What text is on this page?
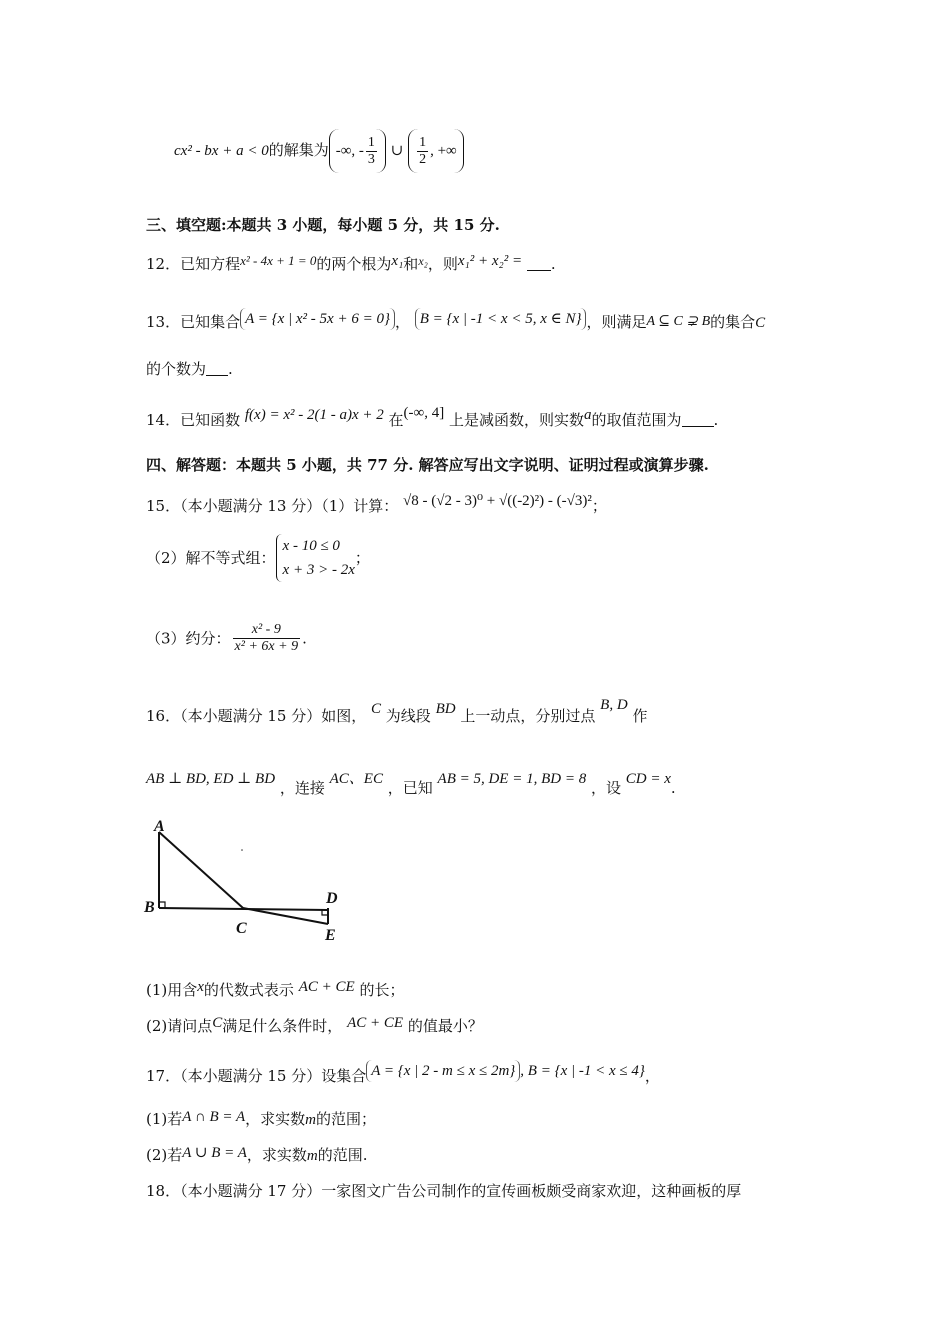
cx² - bx + a < 0的解集为 -∞, - $\frac{1}{3}$ ∪ $\frac{1}{2}$ , +∞
三、填空题:本题共 3 小题，每小题 5 分，共 15 分.
12．已知方程x² - 4x + 1 = 0的两个根为x₁和$^{x_2}$，则x₁² + x₂² = .
13．已知集合 A = {x | x² - 5x + 6 = 0} ， B = {x | -1 < x < 5, x ∈ N} ，则满足A ⊆ C ⊋ B的集合C
的个数为 .
14．已知函数 f(x) = x² - 2(1 - a)x + 2 在(-∞, 4] 上是减函数，则实数a的取值范围为 .
四、解答题：本题共 5 小题，共 77 分. 解答应写出文字说明、证明过程或演算步骤.
15．（本小题满分 13 分）（1）计算： √8 - (√2 - 3)⁰ + √((-2)²) - (-√3)²；
（2）解不等式组：
x - 10 ≤ 0
x + 3 > - 2x
；
（3）约分： $\frac{\text{x² - 9}}{\text{x² + 6x + 9}}$ .
16．（本小题满分 15 分）如图， C 为线段 BD 上一动点，分别过点 B, D 作
AB ⊥ BD, ED ⊥ BD ，连接 AC、EC ，已知 AB = 5, DE = 1, BD = 8 ，设 CD = x.
A
B
C
D
E
(1)用含x的代数式表示 AC + CE 的长；
(2)请问点C满足什么条件时， AC + CE 的值最小？
17．（本小题满分 15 分）设集合 A = {x | 2 - m ≤ x ≤ 2m} , B = {x | -1 < x ≤ 4}，
(1)若A ∩ B = A，求实数m的范围；
(2)若A ∪ B = A，求实数m的范围.
18．（本小题满分 17 分）一家图文广告公司制作的宣传画板颇受商家欢迎，这种画板的厚
